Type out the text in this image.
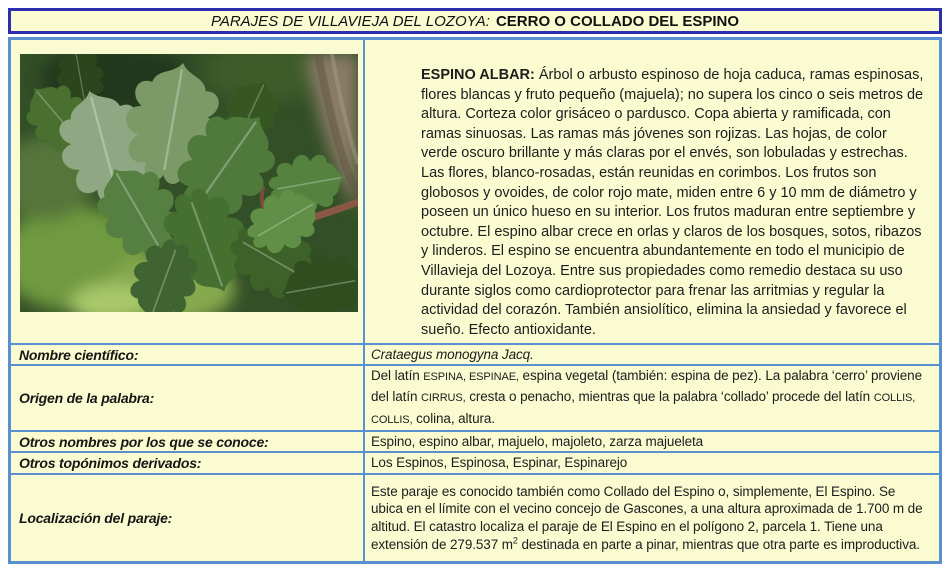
PARAJES DE VILLAVIEJA DEL LOZOYA: CERRO O COLLADO DEL ESPINO

ESPINO ALBAR: Árbol o arbusto espinoso de hoja caduca, ramas espinosas, flores blancas y fruto pequeño (majuela); no supera los cinco o seis metros de altura. Corteza color grisáceo o pardusco. Copa abierta y ramificada, con ramas sinuosas. Las ramas más jóvenes son rojizas. Las hojas, de color verde oscuro brillante y más claras por el envés, son lobuladas y estrechas. Las flores, blanco-rosadas, están reunidas en corimbos. Los frutos son globosos y ovoides, de color rojo mate, miden entre 6 y 10 mm de diámetro y poseen un único hueso en su interior. Los frutos maduran entre septiembre y octubre. El espino albar crece en orlas y claros de los bosques, sotos, ribazos y linderos. El espino se encuentra abundantemente en todo el municipio de Villavieja del Lozoya. Entre sus propiedades como remedio destaca su uso durante siglos como cardioprotector para frenar las arritmias y regular la actividad del corazón. También ansiolítico, elimina la ansiedad y favorece el sueño. Efecto antioxidante.

Nombre científico:	Crataegus monogyna Jacq.
Origen de la palabra:
Del latín ESPINA, ESPINAE, espina vegetal (también: espina de pez). La palabra ‘cerro’ proviene del latín CIRRUS, cresta o penacho, mientras que la palabra ‘collado’ procede del latín COLLIS, COLLIS, colina, altura.
Otros nombres por los que se conoce:	Espino, espino albar, majuelo, majoleto, zarza majueleta
Otros topónimos derivados:	Los Espinos, Espinosa, Espinar, Espinarejo
Localización del paraje:
Este paraje es conocido también como Collado del Espino o, simplemente, El Espino. Se ubica en el límite con el vecino concejo de Gascones, a una altura aproximada de 1.700 m de altitud. El catastro localiza el paraje de El Espino en el polígono 2, parcela 1. Tiene una extensión de 279.537 $m^2$ destinada en parte a pinar, mientras que otra parte es improductiva.
